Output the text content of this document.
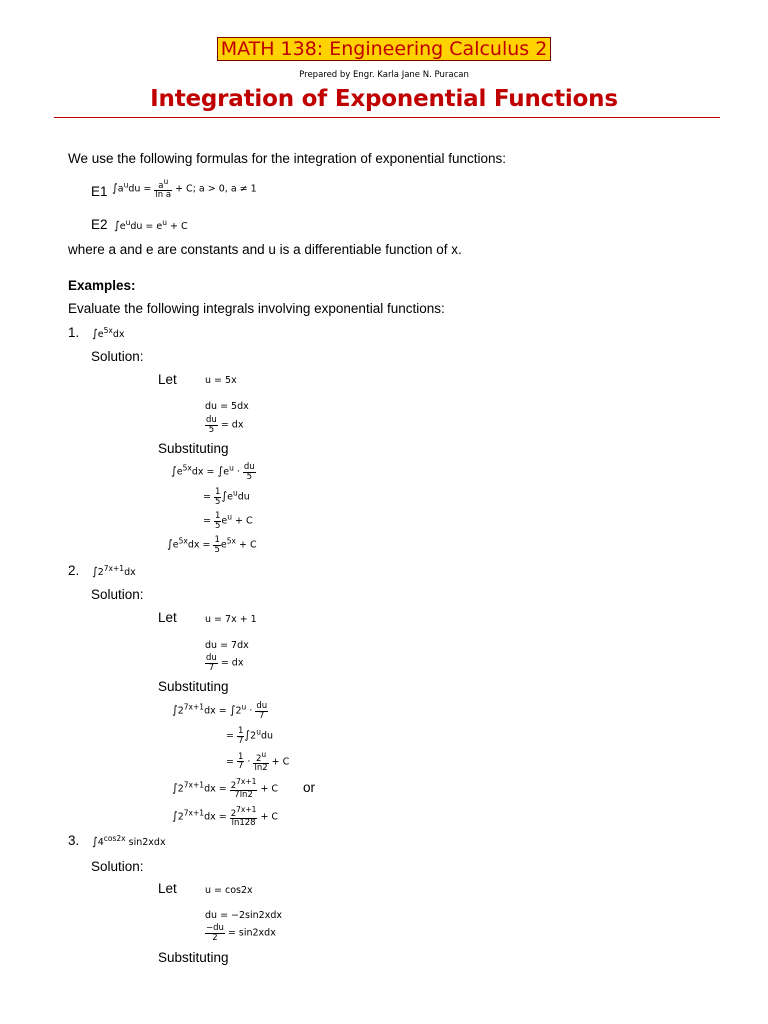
MATH 138: Engineering Calculus 2
Prepared by Engr. Karla Jane N. Puracan
Integration of Exponential Functions
We use the following formulas for the integration of exponential functions:
E1 $\int a^udu = \frac{a^u}{\text{ln a}} + C$; a > 0, a ≠ 1
E2 $\int e^udu = e^u + C$
where a and e are constants and u is a differentiable function of x.
Examples:
Evaluate the following integrals involving exponential functions:
1. $\int e^{5x}dx$
Solution:
Let	u = 5x
du = 5dx
$\frac{du}{5}$ = dx
Substituting
$\int e^{5x}dx = \int e^u \cdot \frac{du}{5}$
= $\frac{1}{5} \int e^udu$
= $\frac{1}{5} e^u + C$
$\int e^{5x}dx = \frac{1}{5} e^{5x} + C$
2. $\int 2^{7x+1}dx$
Solution:
Let	u = 7x + 1
du = 7dx
$\frac{du}{7}$ = dx
Substituting
$\int 2^{7x+1}dx = \int 2^u \cdot \frac{du}{7}$
= $\frac{1}{7} \int 2^udu$
= $\frac{1}{7} \cdot \frac{2^u}{\ln 2} + C$
$\int 2^{7x+1}dx = \frac{2^{7x+1}}{7\ln 2} + C$ or
$\int 2^{7x+1}dx = \frac{2^{7x+1}}{\ln 128} + C$
3. $\int 4^{cos2x}$ sin2xdx
Solution:
Let	u = cos2x
du = −2sin2xdx
$\frac{-du}{2} = \sin 2xdx$
Substituting
